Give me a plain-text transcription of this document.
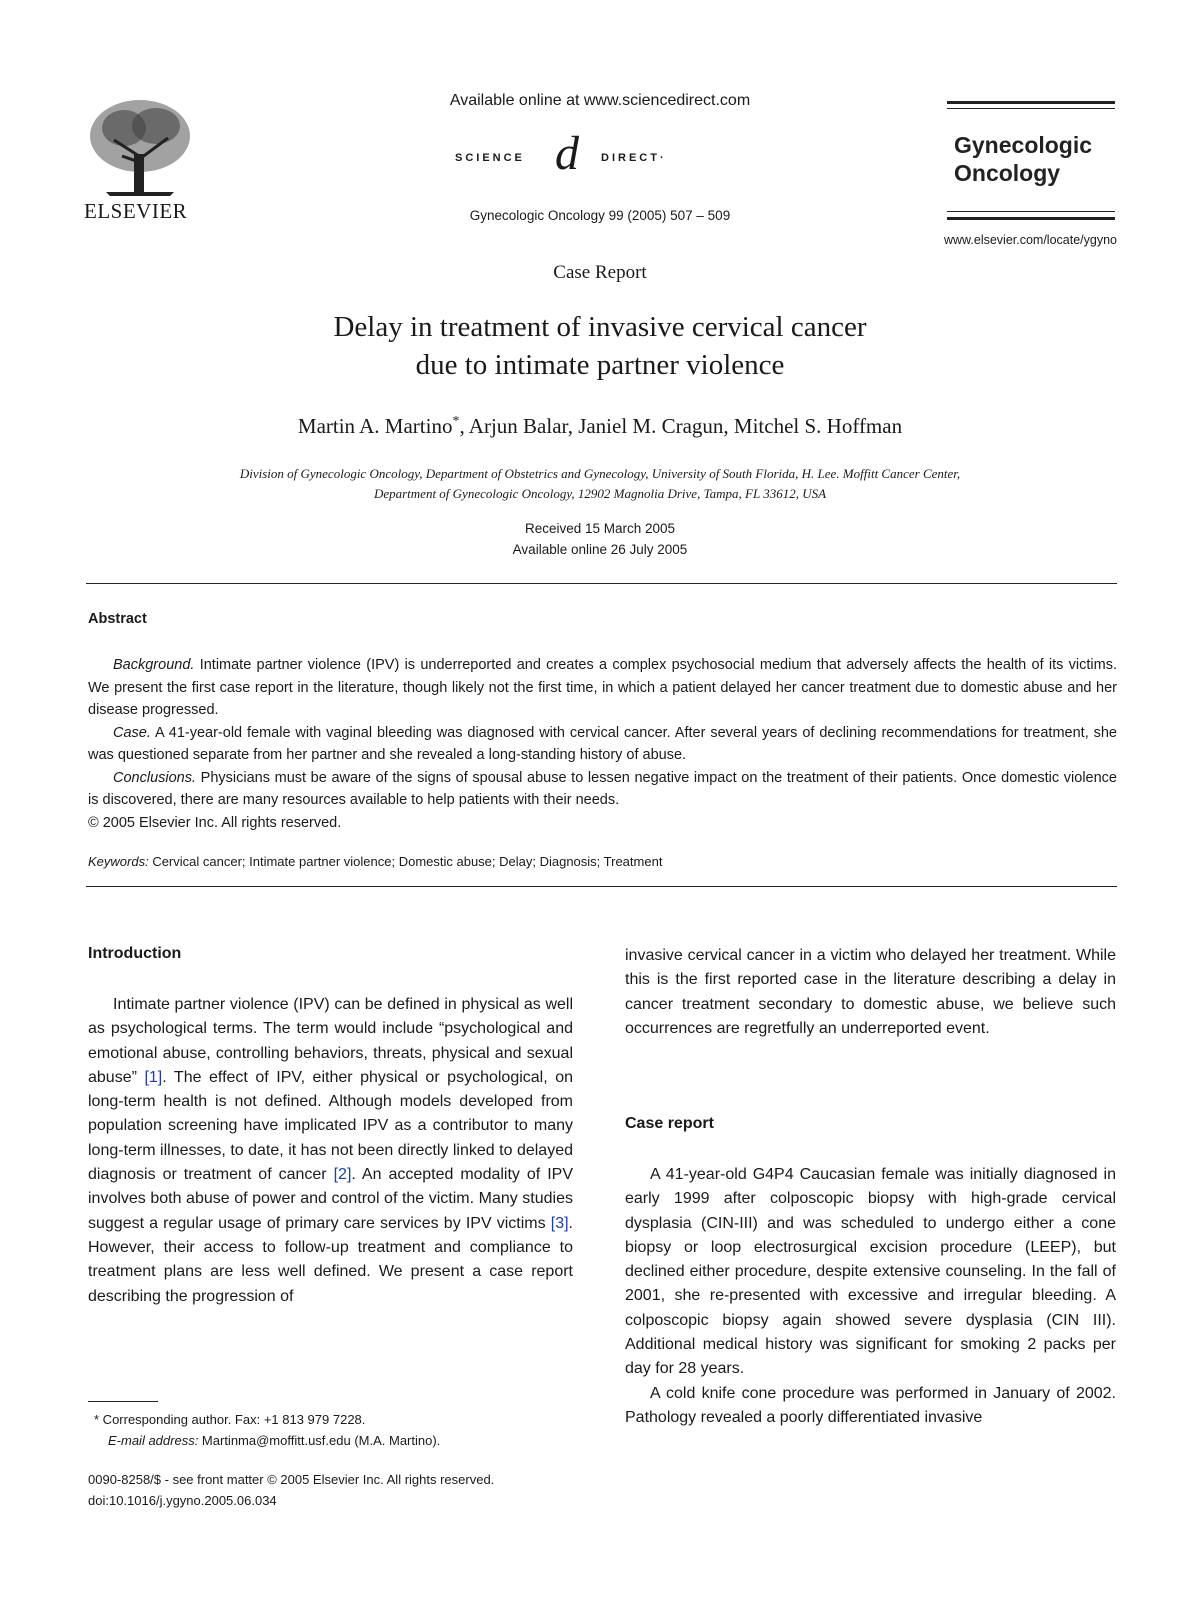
ELSEVIER
Available online at www.sciencedirect.com
SCIENCE d DIRECT·
Gynecologic Oncology 99 (2005) 507 – 509
Gynecologic
Oncology
www.elsevier.com/locate/ygyno
Case Report
Delay in treatment of invasive cervical cancer
due to intimate partner violence
Martin A. Martino*, Arjun Balar, Janiel M. Cragun, Mitchel S. Hoffman
Division of Gynecologic Oncology, Department of Obstetrics and Gynecology, University of South Florida, H. Lee. Moffitt Cancer Center,
Department of Gynecologic Oncology, 12902 Magnolia Drive, Tampa, FL 33612, USA
Received 15 March 2005
Available online 26 July 2005
Abstract

Background. Intimate partner violence (IPV) is underreported and creates a complex psychosocial medium that adversely affects the health of its victims. We present the first case report in the literature, though likely not the first time, in which a patient delayed her cancer treatment due to domestic abuse and her disease progressed.

Case. A 41-year-old female with vaginal bleeding was diagnosed with cervical cancer. After several years of declining recommendations for treatment, she was questioned separate from her partner and she revealed a long-standing history of abuse.

Conclusions. Physicians must be aware of the signs of spousal abuse to lessen negative impact on the treatment of their patients. Once domestic violence is discovered, there are many resources available to help patients with their needs.

© 2005 Elsevier Inc. All rights reserved.

Keywords: Cervical cancer; Intimate partner violence; Domestic abuse; Delay; Diagnosis; Treatment
Introduction

Intimate partner violence (IPV) can be defined in physical as well as psychological terms. The term would include “psychological and emotional abuse, controlling behaviors, threats, physical and sexual abuse” [1]. The effect of IPV, either physical or psychological, on long-term health is not defined. Although models developed from population screening have implicated IPV as a contributor to many long-term illnesses, to date, it has not been directly linked to delayed diagnosis or treatment of cancer [2]. An accepted modality of IPV involves both abuse of power and control of the victim. Many studies suggest a regular usage of primary care services by IPV victims [3]. However, their access to follow-up treatment and compliance to treatment plans are less well defined. We present a case report describing the progression of

* Corresponding author. Fax: +1 813 979 7228.
E-mail address: Martinma@moffitt.usf.edu (M.A. Martino).
0090-8258/$ - see front matter © 2005 Elsevier Inc. All rights reserved.
doi:10.1016/j.ygyno.2005.06.034

invasive cervical cancer in a victim who delayed her treatment. While this is the first reported case in the literature describing a delay in cancer treatment secondary to domestic abuse, we believe such occurrences are regretfully an underreported event.

Case report

A 41-year-old G4P4 Caucasian female was initially diagnosed in early 1999 after colposcopic biopsy with high-grade cervical dysplasia (CIN-III) and was scheduled to undergo either a cone biopsy or loop electrosurgical excision procedure (LEEP), but declined either procedure, despite extensive counseling. In the fall of 2001, she re-presented with excessive and irregular bleeding. A colposcopic biopsy again showed severe dysplasia (CIN III). Additional medical history was significant for smoking 2 packs per day for 28 years.

A cold knife cone procedure was performed in January of 2002. Pathology revealed a poorly differentiated invasive
